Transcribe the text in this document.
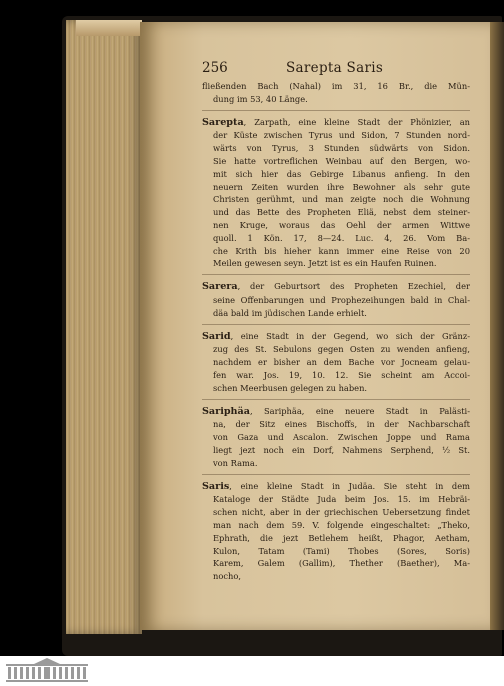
256	Sarepta Saris
fließenden Bach (Nahal) im 31, 16 Br., die Mün-
dung im 53, 40 Länge.
Sarepta, Zarpath, eine kleine Stadt der Phönizier, an
der Küste zwischen Tyrus und Sidon, 7 Stunden nord-
wärts von Tyrus, 3 Stunden südwärts von Sidon.
Sie hatte vortreflichen Weinbau auf den Bergen, wo-
mit sich hier das Gebirge Libanus anfieng. In den
neuern Zeiten wurden ihre Bewohner als sehr gute
Christen gerühmt, und man zeigte noch die Wohnung
und das Bette des Propheten Eliä, nebst dem steiner-
nen Kruge, woraus das Oehl der armen Wittwe
quoll. 1 Kön. 17, 8—24. Luc. 4, 26. Vom Ba-
che Krith bis hieher kann immer eine Reise von 20
Meilen gewesen seyn. Jetzt ist es ein Haufen Ruinen.
Sarera, der Geburtsort des Propheten Ezechiel, der
seine Offenbarungen und Prophezeihungen bald in Chal-
däa bald im jüdischen Lande erhielt.
Sarid, eine Stadt in der Gegend, wo sich der Gränz-
zug des St. Sebulons gegen Osten zu wenden anfieng,
nachdem er bisher an dem Bache vor Jocneam gelau-
fen war. Jos. 19, 10. 12. Sie scheint am Accoi-
schen Meerbusen gelegen zu haben.
Sariphäa, Sariphäa, eine neuere Stadt in Palästi-
na, der Sitz eines Bischoffs, in der Nachbarschaft
von Gaza und Ascalon. Zwischen Joppe und Rama
liegt jezt noch ein Dorf, Nahmens Serphend, ½ St.
von Rama.
Saris, eine kleine Stadt in Judäa. Sie steht in dem
Kataloge der Städte Juda beim Jos. 15. im Hebräi-
schen nicht, aber in der griechischen Uebersetzung findet
man nach dem 59. V. folgende eingeschaltet: „Theko,
Ephrath, die jezt Betlehem heißt, Phagor, Aetham,
Kulon, Tatam (Tami) Thobes (Sores, Soris)
Karem, Galem (Gallim), Thether (Baether), Ma-
nocho,
